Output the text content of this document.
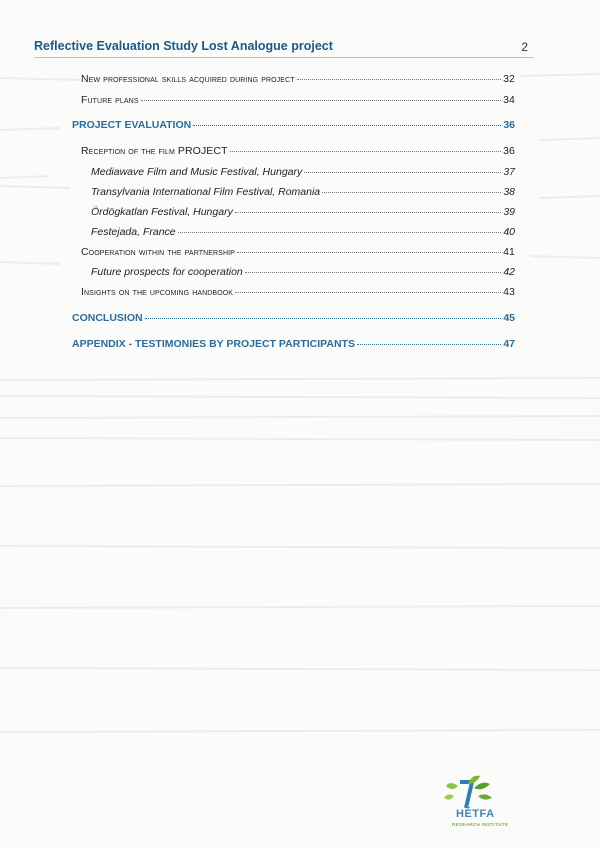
Reflective Evaluation Study Lost Analogue project	2
New professional skills acquired during project	32
Future plans	34
PROJECT EVALUATION	36
Reception of the film PROJECT	36
Mediawave Film and Music Festival, Hungary	37
Transylvania International Film Festival, Romania	38
Ördögkatlan Festival, Hungary	39
Festejada, France	40
Cooperation within the partnership	41
Future prospects for cooperation	42
Insights on the upcoming handbook	43
CONCLUSION	45
APPENDIX - TESTIMONIES BY PROJECT PARTICIPANTS	47
HÉTFA
RESEARCH INSTITUTE
